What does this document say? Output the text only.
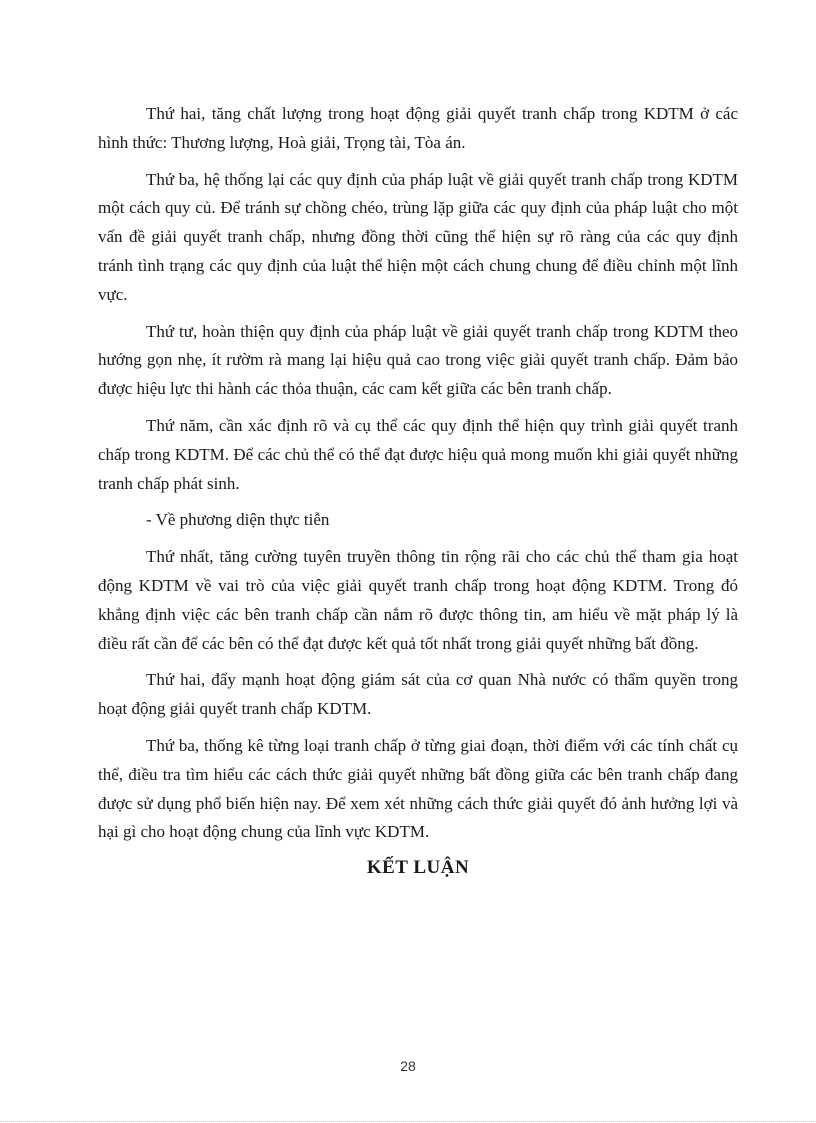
Thứ hai, tăng chất lượng trong hoạt động giải quyết tranh chấp trong KDTM ở các hình thức: Thương lượng, Hoà giải, Trọng tài, Tòa án.

Thứ ba, hệ thống lại các quy định của pháp luật về giải quyết tranh chấp trong KDTM một cách quy củ. Để tránh sự chồng chéo, trùng lặp giữa các quy định của pháp luật cho một vấn đề giải quyết tranh chấp, nhưng đồng thời cũng thể hiện sự rõ ràng của các quy định tránh tình trạng các quy định của luật thể hiện một cách chung chung để điều chỉnh một lĩnh vực.

Thứ tư, hoàn thiện quy định của pháp luật về giải quyết tranh chấp trong KDTM theo hướng gọn nhẹ, ít rườm rà mang lại hiệu quả cao trong việc giải quyết tranh chấp. Đảm bảo được hiệu lực thi hành các thỏa thuận, các cam kết giữa các bên tranh chấp.

Thứ năm, cần xác định rõ và cụ thể các quy định thể hiện quy trình giải quyết tranh chấp trong KDTM. Để các chủ thể có thể đạt được hiệu quả mong muốn khi giải quyết những tranh chấp phát sinh.

- Về phương diện thực tiễn

Thứ nhất, tăng cường tuyên truyền thông tin rộng rãi cho các chủ thể tham gia hoạt động KDTM về vai trò của việc giải quyết tranh chấp trong hoạt động KDTM. Trong đó khẳng định việc các bên tranh chấp cần nắm rõ được thông tin, am hiểu về mặt pháp lý là điều rất cần để các bên có thể đạt được kết quả tốt nhất trong giải quyết những bất đồng.

Thứ hai, đẩy mạnh hoạt động giám sát của cơ quan Nhà nước có thẩm quyền trong hoạt động giải quyết tranh chấp KDTM.

Thứ ba, thống kê từng loại tranh chấp ở từng giai đoạn, thời điểm với các tính chất cụ thể, điều tra tìm hiểu các cách thức giải quyết những bất đồng giữa các bên tranh chấp đang được sử dụng phổ biến hiện nay. Để xem xét những cách thức giải quyết đó ảnh hưởng lợi và hại gì cho hoạt động chung của lĩnh vực KDTM.

KẾT LUẬN
28
